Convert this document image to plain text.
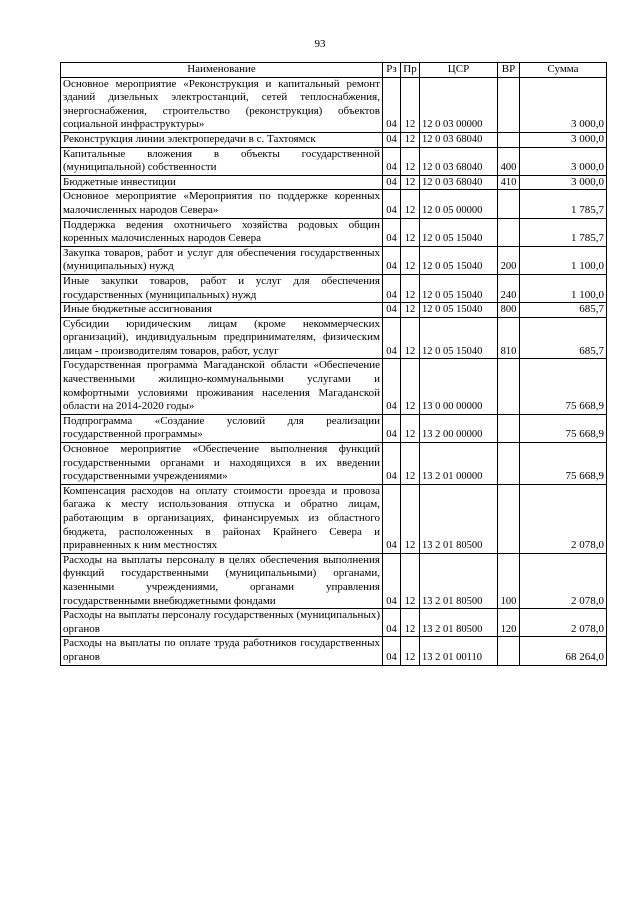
93
Наименование	Рз	Пр	ЦСР	ВР	Сумма
Основное мероприятие «Реконструкция и капитальный ремонт зданий дизельных электростанций, сетей теплоснабжения, энергоснабжения, строительство (реконструкция) объектов социальной инфраструктуры»	04	12	12 0 03 00000		3 000,0
Реконструкция линии электропередачи в с. Тахтоямск	04	12	12 0 03 68040		3 000,0
Капитальные вложения в объекты государственной (муниципальной) собственности	04	12	12 0 03 68040	400	3 000,0
Бюджетные инвестиции	04	12	12 0 03 68040	410	3 000,0
Основное мероприятие «Мероприятия по поддержке коренных малочисленных народов Севера»	04	12	12 0 05 00000		1 785,7
Поддержка ведения охотничьего хозяйства родовых общин коренных малочисленных народов Севера	04	12	12 0 05 15040		1 785,7
Закупка товаров, работ и услуг для обеспечения государственных (муниципальных) нужд	04	12	12 0 05 15040	200	1 100,0
Иные закупки товаров, работ и услуг для обеспечения государственных (муниципальных) нужд	04	12	12 0 05 15040	240	1 100,0
Иные бюджетные ассигнования	04	12	12 0 05 15040	800	685,7
Субсидии юридическим лицам (кроме некоммерческих организаций), индивидуальным предпринимателям, физическим лицам - производителям товаров, работ, услуг	04	12	12 0 05 15040	810	685,7
Государственная программа Магаданской области «Обеспечение качественными жилищно-коммунальными услугами и комфортными условиями проживания населения Магаданской области на 2014-2020 годы»	04	12	13 0 00 00000		75 668,9
Подпрограмма «Создание условий для реализации государственной программы»	04	12	13 2 00 00000		75 668,9
Основное мероприятие «Обеспечение выполнения функций государственными органами и находящихся в их введении государственными учреждениями»	04	12	13 2 01 00000		75 668,9
Компенсация расходов на оплату стоимости проезда и провоза багажа к месту использования отпуска и обратно лицам, работающим в организациях, финансируемых из областного бюджета, расположенных в районах Крайнего Севера и приравненных к ним местностях	04	12	13 2 01 80500		2 078,0
Расходы на выплаты персоналу в целях обеспечения выполнения функций государственными (муниципальными) органами, казенными учреждениями, органами управления государственными внебюджетными фондами	04	12	13 2 01 80500	100	2 078,0
Расходы на выплаты персоналу государственных (муниципальных) органов	04	12	13 2 01 80500	120	2 078,0
Расходы на выплаты по оплате труда работников государственных органов	04	12	13 2 01 00110		68 264,0
